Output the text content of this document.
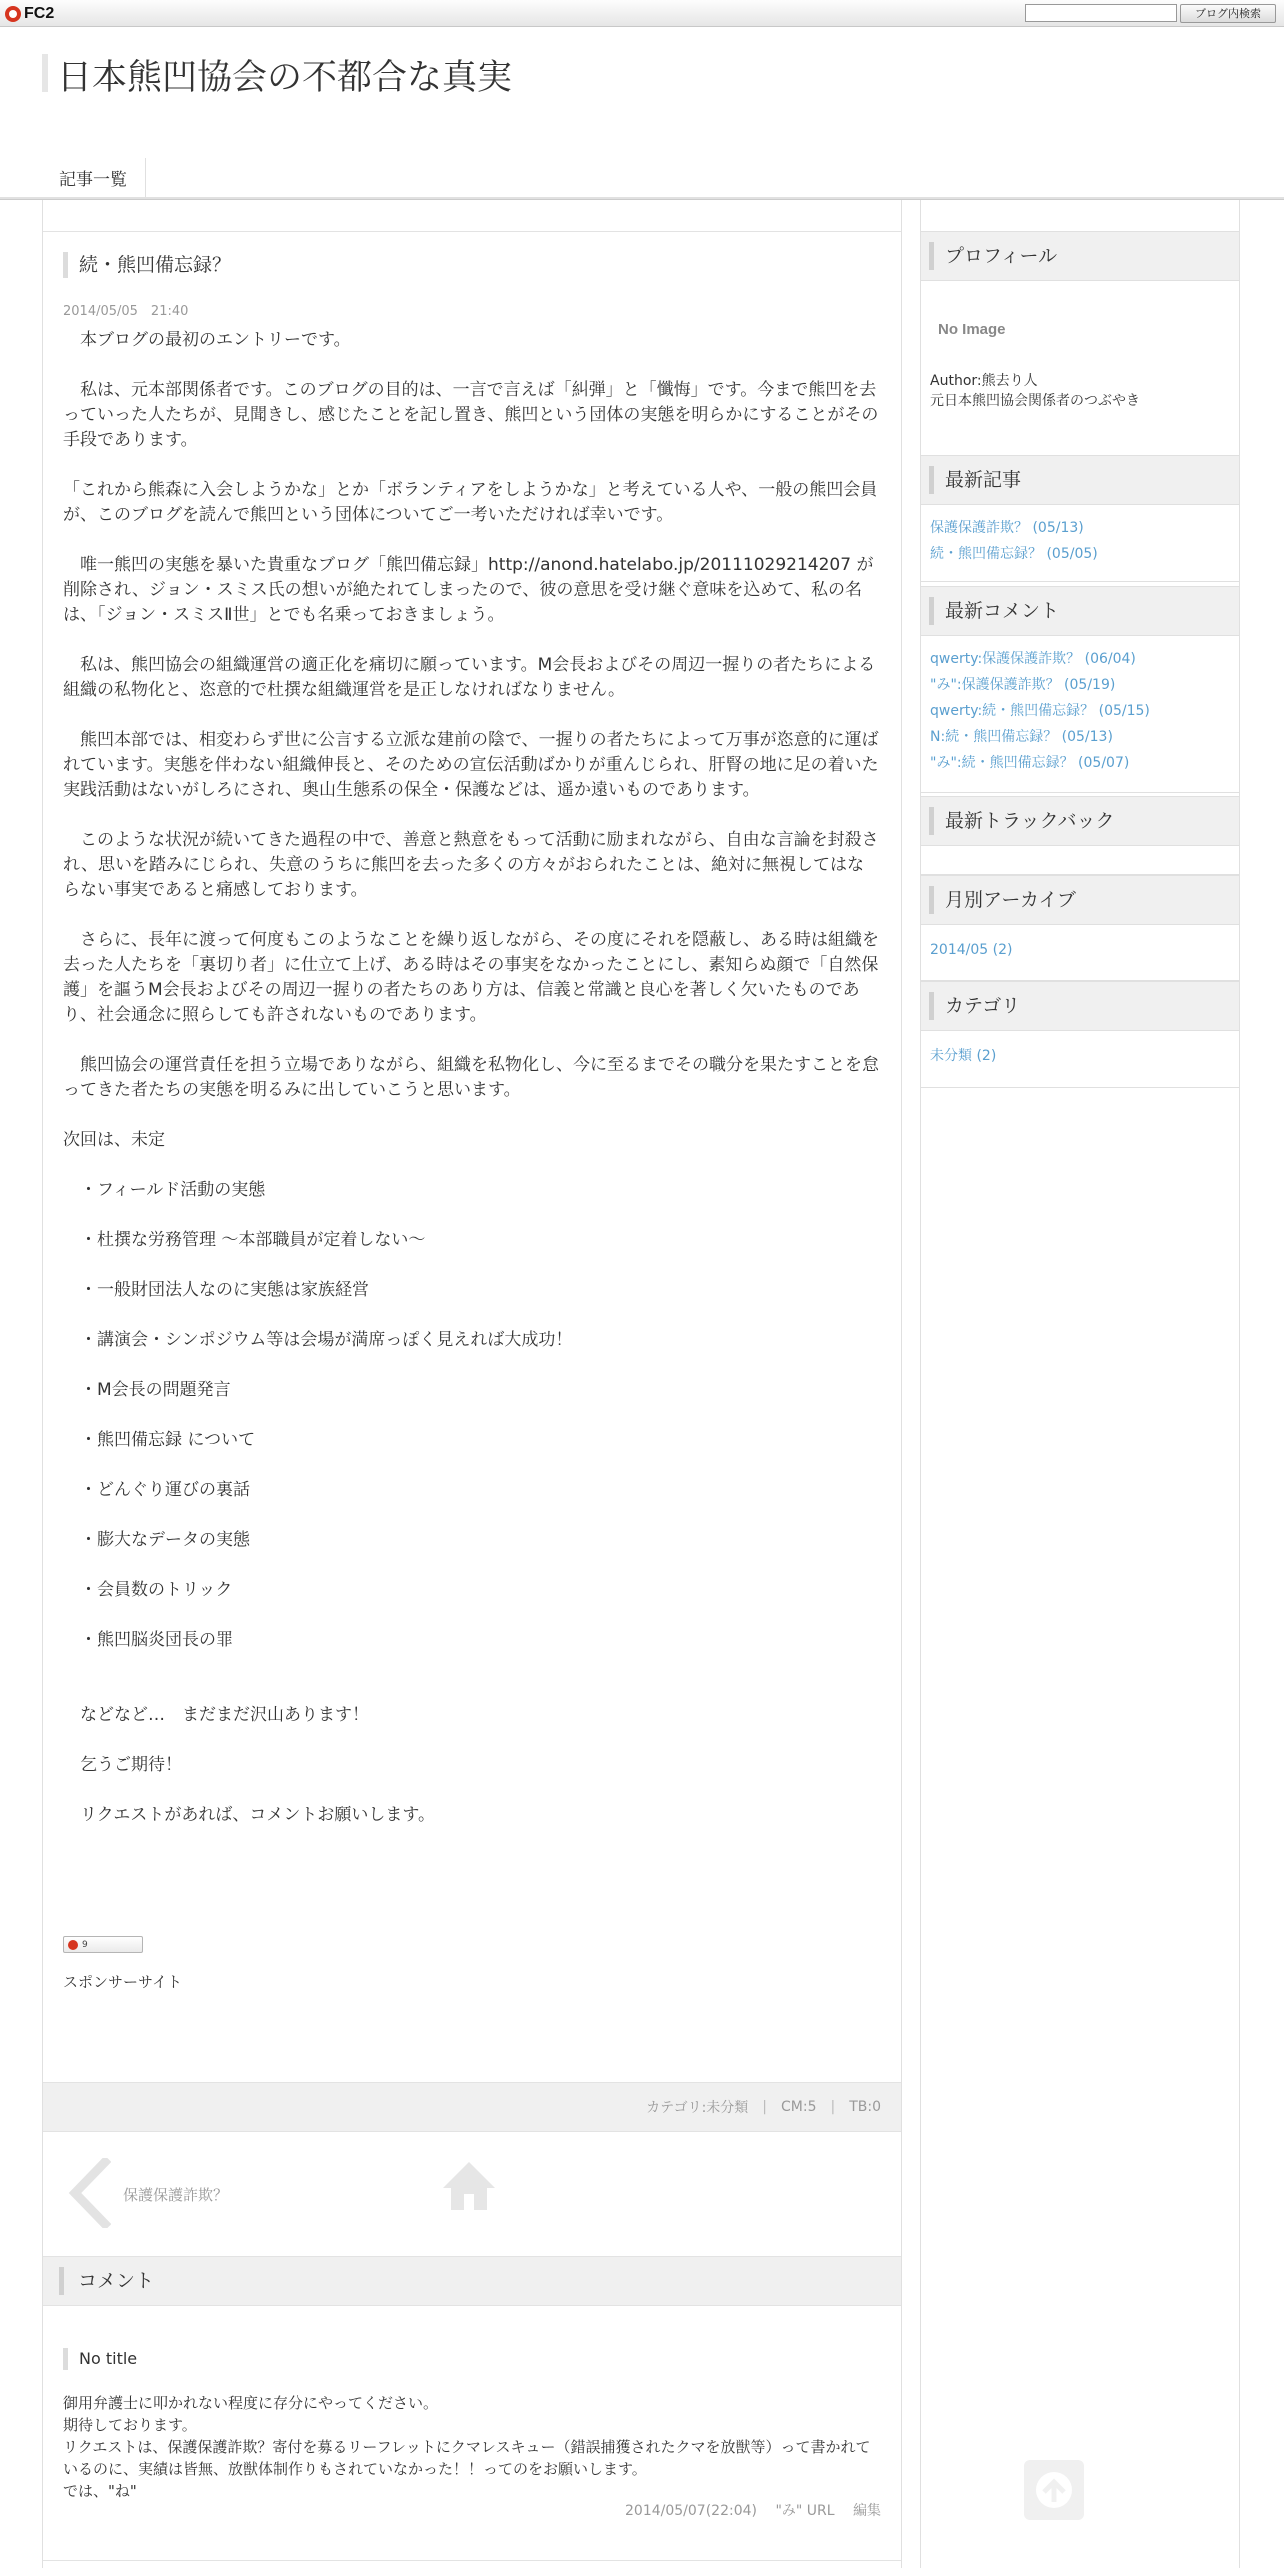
FC2	ブログ内検索
日本熊凹協会の不都合な真実
記事一覧
続・熊凹備忘録？
2014/05/05　21:40

　本ブログの最初のエントリーです。

　私は、元本部関係者です。このブログの目的は、一言で言えば「糾弾」と「懺悔」です。今まで熊凹を去っていった人たちが、見聞きし、感じたことを記し置き、熊凹という団体の実態を明らかにすることがその手段であります。

「これから熊森に入会しようかな」とか「ボランティアをしようかな」と考えている人や、一般の熊凹会員が、このブログを読んで熊凹という団体についてご一考いただければ幸いです。

　唯一熊凹の実態を暴いた貴重なブログ「熊凹備忘録」http://anond.hatelabo.jp/20111029214207 が削除され、ジョン・スミス氏の想いが絶たれてしまったので、彼の意思を受け継ぐ意味を込めて、私の名は、「ジョン・スミスⅡ世」とでも名乗っておきましょう。

　私は、熊凹協会の組織運営の適正化を痛切に願っています。M会長およびその周辺一握りの者たちによる組織の私物化と、恣意的で杜撰な組織運営を是正しなければなりません。

　熊凹本部では、相変わらず世に公言する立派な建前の陰で、一握りの者たちによって万事が恣意的に運ばれています。実態を伴わない組織伸長と、そのための宣伝活動ばかりが重んじられ、肝腎の地に足の着いた実践活動はないがしろにされ、奥山生態系の保全・保護などは、遥か遠いものであります。

　このような状況が続いてきた過程の中で、善意と熱意をもって活動に励まれながら、自由な言論を封殺され、思いを踏みにじられ、失意のうちに熊凹を去った多くの方々がおられたことは、絶対に無視してはならない事実であると痛感しております。

　さらに、長年に渡って何度もこのようなことを繰り返しながら、その度にそれを隠蔽し、ある時は組織を去った人たちを「裏切り者」に仕立て上げ、ある時はその事実をなかったことにし、素知らぬ顔で「自然保護」を謳うM会長およびその周辺一握りの者たちのあり方は、信義と常識と良心を著しく欠いたものであり、社会通念に照らしても許されないものであります。

　熊凹協会の運営責任を担う立場でありながら、組織を私物化し、今に至るまでその職分を果たすことを怠ってきた者たちの実態を明るみに出していこうと思います。

次回は、未定

　・フィールド活動の実態

　・杜撰な労務管理 ～本部職員が定着しない～

　・一般財団法人なのに実態は家族経営

　・講演会・シンポジウム等は会場が満席っぽく見えれば大成功！

　・M会長の問題発言

　・熊凹備忘録 について

　・どんぐり運びの裏話

　・膨大なデータの実態

　・会員数のトリック

　・熊凹脳炎団長の罪

　などなど…　まだまだ沢山あります！

　乞うご期待！

　リクエストがあれば、コメントお願いします。

9
スポンサーサイト
カテゴリ:未分類 | CM:5 | TB:0
保護保護詐欺？
コメント
No title
御用弁護士に叩かれない程度に存分にやってください。
期待しております。
リクエストは、保護保護詐欺？寄付を募るリーフレットにクマレスキュー（錯誤捕獲されたクマを放獣等）って書かれているのに、実績は皆無、放獣体制作りもされていなかった！！ってのをお願いします。
では、"ね"
2014/05/07(22:04) "み" URL 編集
プロフィール
No Image
Author:熊去り人
元日本熊凹協会関係者のつぶやき
最新記事
保護保護詐欺？ (05/13)
続・熊凹備忘録？ (05/05)
最新コメント
qwerty:保護保護詐欺？ (06/04)
"み":保護保護詐欺？ (05/19)
qwerty:続・熊凹備忘録？ (05/15)
N:続・熊凹備忘録？ (05/13)
"み":続・熊凹備忘録？ (05/07)
最新トラックバック
月別アーカイブ
2014/05 (2)
カテゴリ
未分類 (2)
